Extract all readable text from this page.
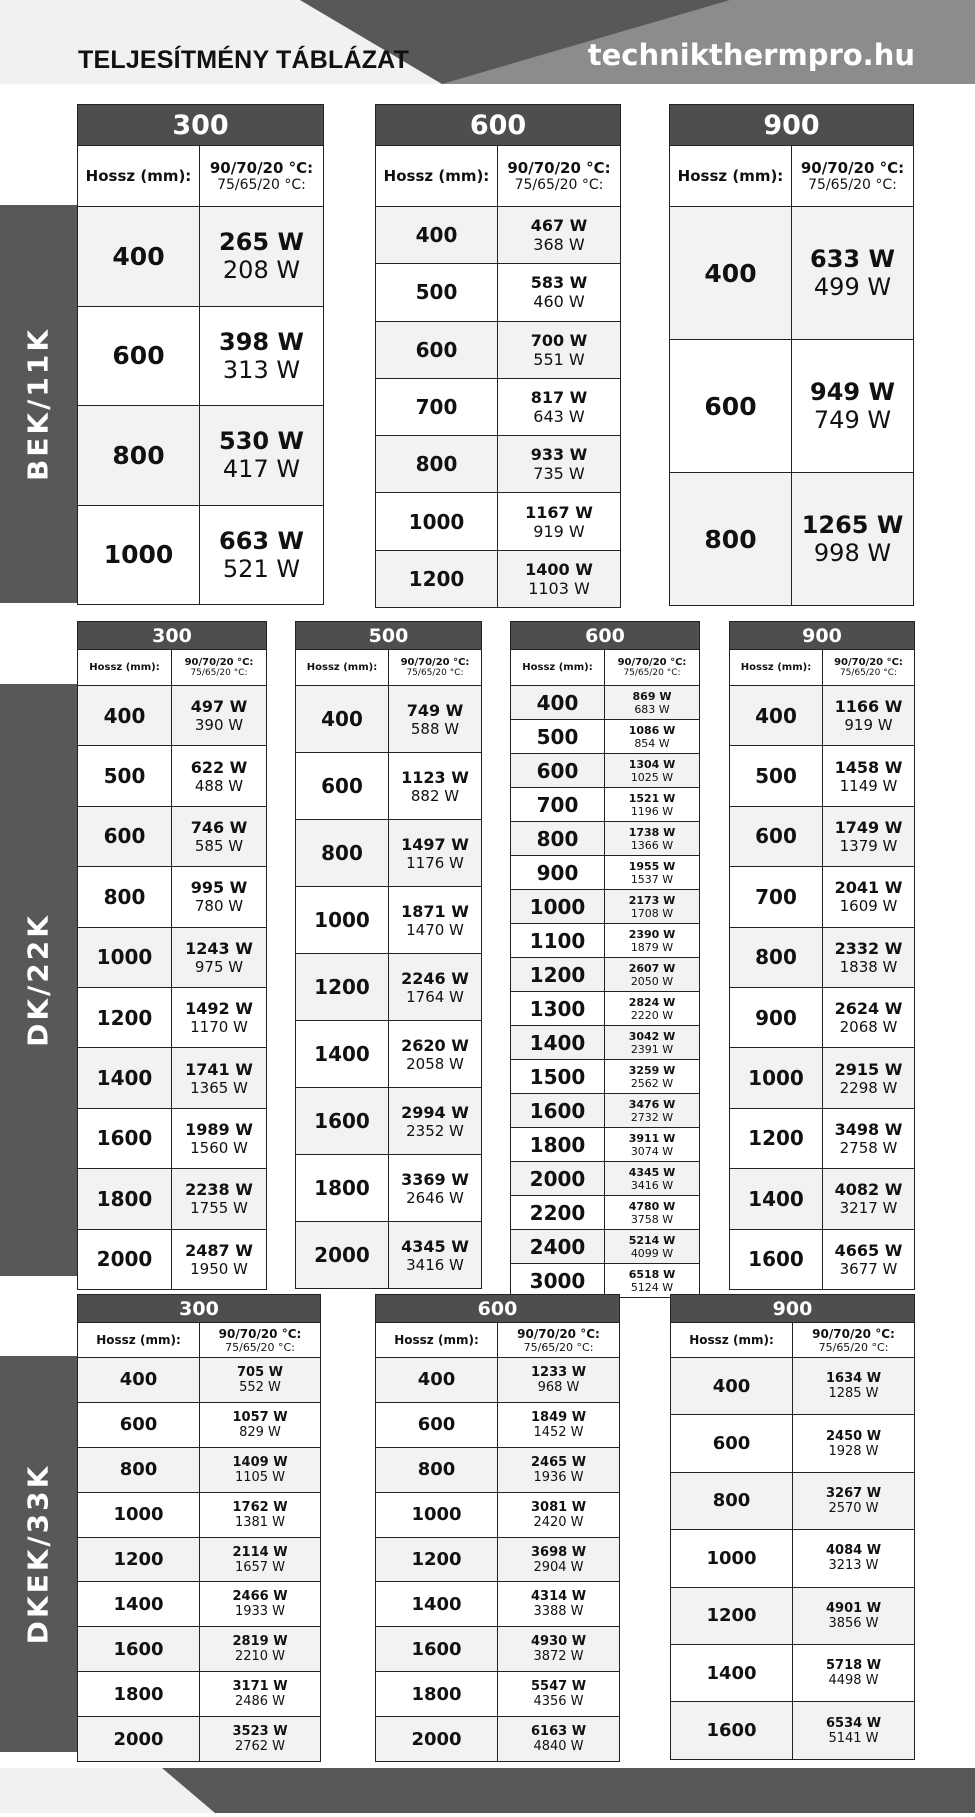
TELJESÍTMÉNY TÁBLÁZAT	technikthermpro.hu
BEK/11K
300	
Hossz (mm):	90/70/20 °C:
75/65/20 °C:

400	265 W
208 W

600	398 W
313 W

800	530 W
417 W

1000	663 W
521 W
600	
Hossz (mm):	90/70/20 °C:
75/65/20 °C:

400	467 W
368 W

500	583 W
460 W

600	700 W
551 W

700	817 W
643 W

800	933 W
735 W

1000	1167 W
919 W

1200	1400 W
1103 W
900	
Hossz (mm):	90/70/20 °C:
75/65/20 °C:

400	633 W
499 W

600	949 W
749 W

800	1265 W
998 W
DK/22K
300	
Hossz (mm):	90/70/20 °C:
75/65/20 °C:

400	497 W
390 W

500	622 W
488 W

600	746 W
585 W

800	995 W
780 W

1000	1243 W
975 W

1200	1492 W
1170 W

1400	1741 W
1365 W

1600	1989 W
1560 W

1800	2238 W
1755 W

2000	2487 W
1950 W
500	
Hossz (mm):	90/70/20 °C:
75/65/20 °C:

400	749 W
588 W

600	1123 W
882 W

800	1497 W
1176 W

1000	1871 W
1470 W

1200	2246 W
1764 W

1400	2620 W
2058 W

1600	2994 W
2352 W

1800	3369 W
2646 W

2000	4345 W
3416 W
600	
Hossz (mm):	90/70/20 °C:
75/65/20 °C:

400	869 W
683 W

500	1086 W
854 W

600	1304 W
1025 W

700	1521 W
1196 W

800	1738 W
1366 W

900	1955 W
1537 W

1000	2173 W
1708 W

1100	2390 W
1879 W

1200	2607 W
2050 W

1300	2824 W
2220 W

1400	3042 W
2391 W

1500	3259 W
2562 W

1600	3476 W
2732 W

1800	3911 W
3074 W

2000	4345 W
3416 W

2200	4780 W
3758 W

2400	5214 W
4099 W

3000	6518 W
5124 W
900	
Hossz (mm):	90/70/20 °C:
75/65/20 °C:

400	1166 W
919 W

500	1458 W
1149 W

600	1749 W
1379 W

700	2041 W
1609 W

800	2332 W
1838 W

900	2624 W
2068 W

1000	2915 W
2298 W

1200	3498 W
2758 W

1400	4082 W
3217 W

1600	4665 W
3677 W
DKEK/33K
300	
Hossz (mm):	90/70/20 °C:
75/65/20 °C:

400	705 W
552 W

600	1057 W
829 W

800	1409 W
1105 W

1000	1762 W
1381 W

1200	2114 W
1657 W

1400	2466 W
1933 W

1600	2819 W
2210 W

1800	3171 W
2486 W

2000	3523 W
2762 W
600	
Hossz (mm):	90/70/20 °C:
75/65/20 °C:

400	1233 W
968 W

600	1849 W
1452 W

800	2465 W
1936 W

1000	3081 W
2420 W

1200	3698 W
2904 W

1400	4314 W
3388 W

1600	4930 W
3872 W

1800	5547 W
4356 W

2000	6163 W
4840 W
900	
Hossz (mm):	90/70/20 °C:
75/65/20 °C:

400	1634 W
1285 W

600	2450 W
1928 W

800	3267 W
2570 W

1000	4084 W
3213 W

1200	4901 W
3856 W

1400	5718 W
4498 W

1600	6534 W
5141 W
